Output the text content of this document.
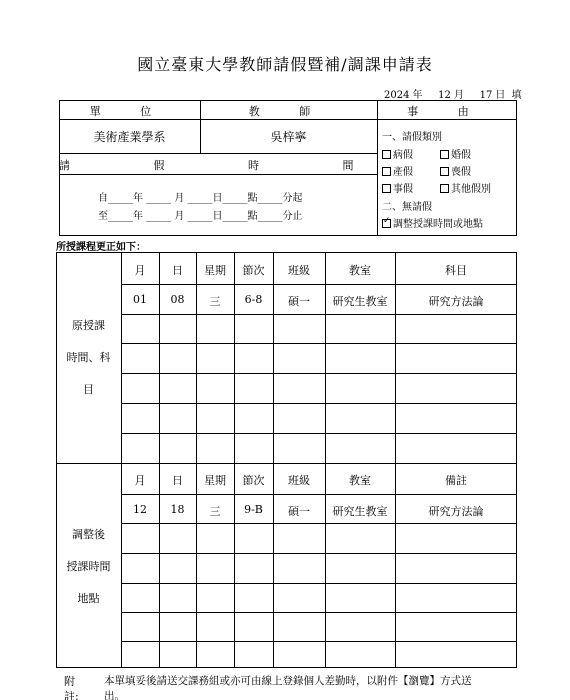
國立臺東大學教師請假暨補/調課申請表
2024 年 12 月 17 日 填
單 位	教 師	事 由
美術產業學系	吳梓寧
請 假 時 間
自_____年 _____ 月 _____日_____點_____分起
至_____年 _____ 月 _____日_____點_____分止
一、請假類別
病假	婚假
產假	喪假
事假	其他假別
二、無請假
✓調整授課時間或地點
所授課程更正如下：
原授課
時間、科
目
月	日	星期	節次	班級	教室	科目
01	08	三	6-8	碩一	研究生教室	研究方法論
調整後
授課時間
地點
月	日	星期	節次	班級	教室	備註
12	18	三	9-B	碩一	研究生教室	研究方法論
附
註:
本單填妥後請送交課務組或亦可由線上登錄個人差勤時，以附件【瀏覽】方式送
出。
